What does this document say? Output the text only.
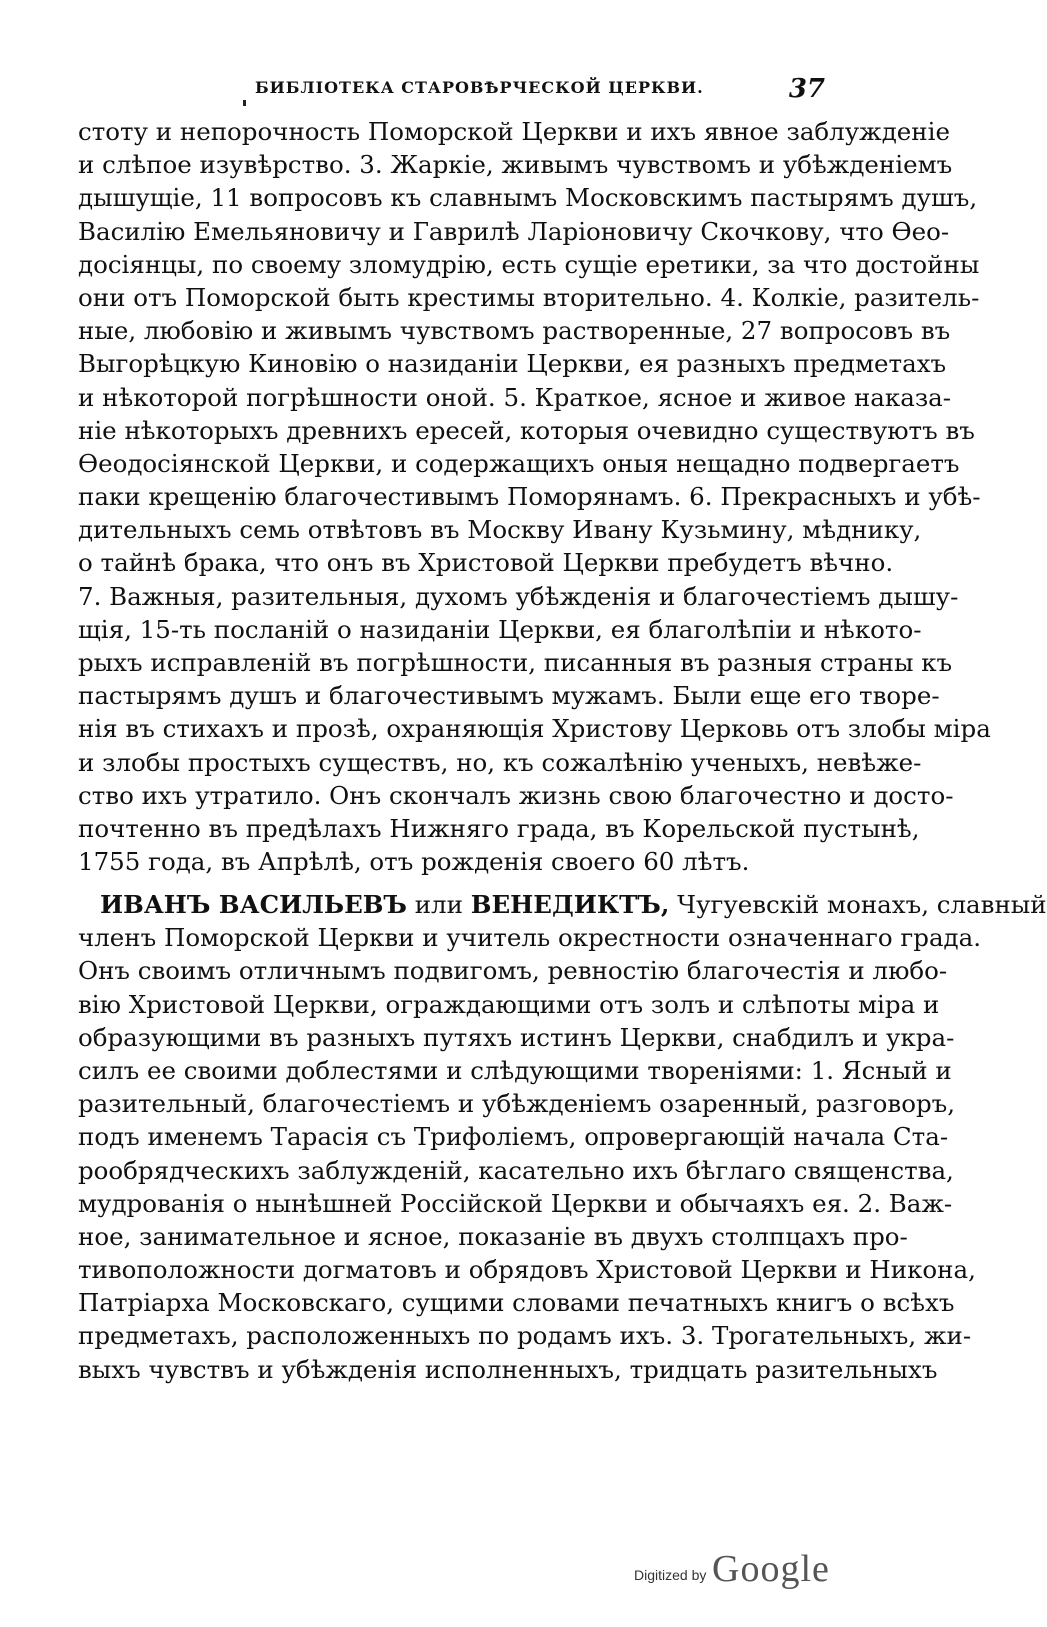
БИБЛІОТЕКА СТАРОВѢРЧЕСКОЙ ЦЕРКВИ.	37
стоту и непорочность Поморской Церкви и ихъ явное заблужденіе
и слѣпое изувѣрство. 3. Жаркіе, живымъ чувствомъ и убѣжденіемъ
дышущіе, 11 вопросовъ къ славнымъ Московскимъ пастырямъ душъ,
Василію Емельяновичу и Гаврилѣ Ларіоновичу Скочкову, что Ѳео-
досіянцы, по своему зломудрію, есть сущіе еретики, за что достойны
они отъ Поморской быть крестимы вторительно. 4. Колкіе, разитель-
ные, любовію и живымъ чувствомъ растворенные, 27 вопросовъ въ
Выгорѣцкую Киновію о назиданіи Церкви, ея разныхъ предметахъ
и нѣкоторой погрѣшности оной. 5. Краткое, ясное и живое наказа-
ніе нѣкоторыхъ древнихъ ересей, которыя очевидно существуютъ въ
Ѳеодосіянской Церкви, и содержащихъ оныя нещадно подвергаетъ
паки крещенію благочестивымъ Поморянамъ. 6. Прекрасныхъ и убѣ-
дительныхъ семь отвѣтовъ въ Москву Ивану Кузьмину, мѣднику,
о тайнѣ брака, что онъ въ Христовой Церкви пребудетъ вѣчно.
7. Важныя, разительныя, духомъ убѣжденія и благочестіемъ дышу-
щія, 15-ть посланій о назиданіи Церкви, ея благолѣпіи и нѣкото-
рыхъ исправленій въ погрѣшности, писанныя въ разныя страны къ
пастырямъ душъ и благочестивымъ мужамъ. Были еще его творе-
нія въ стихахъ и прозѣ, охраняющія Христову Церковь отъ злобы міра
и злобы простыхъ существъ, но, къ сожалѣнію ученыхъ, невѣже-
ство ихъ утратило. Онъ скончалъ жизнь свою благочестно и досто-
почтенно въ предѣлахъ Нижняго града, въ Корельской пустынѣ,
1755 года, въ Апрѣлѣ, отъ рожденія своего 60 лѣтъ.
ИВАНЪ ВАСИЛЬЕВЪ или ВЕНЕДИКТЪ, Чугуевскій монахъ, славный
членъ Поморской Церкви и учитель окрестности означеннаго града.
Онъ своимъ отличнымъ подвигомъ, ревностію благочестія и любо-
вію Христовой Церкви, ограждающими отъ золъ и слѣпоты міра и
образующими въ разныхъ путяхъ истинъ Церкви, снабдилъ и укра-
силъ ее своими доблестями и слѣдующими твореніями: 1. Ясный и
разительный, благочестіемъ и убѣжденіемъ озаренный, разговоръ,
подъ именемъ Тарасія съ Трифоліемъ, опровергающій начала Ста-
рообрядческихъ заблужденій, касательно ихъ бѣглаго священства,
мудрованія о нынѣшней Россійской Церкви и обычаяхъ ея. 2. Важ-
ное, занимательное и ясное, показаніе въ двухъ столпцахъ про-
тивоположности догматовъ и обрядовъ Христовой Церкви и Никона,
Патріарха Московскаго, сущими словами печатныхъ книгъ о всѣхъ
предметахъ, расположенныхъ по родамъ ихъ. 3. Трогательныхъ, жи-
выхъ чувствъ и убѣжденія исполненныхъ, тридцать разительныхъ
Digitized by Google
